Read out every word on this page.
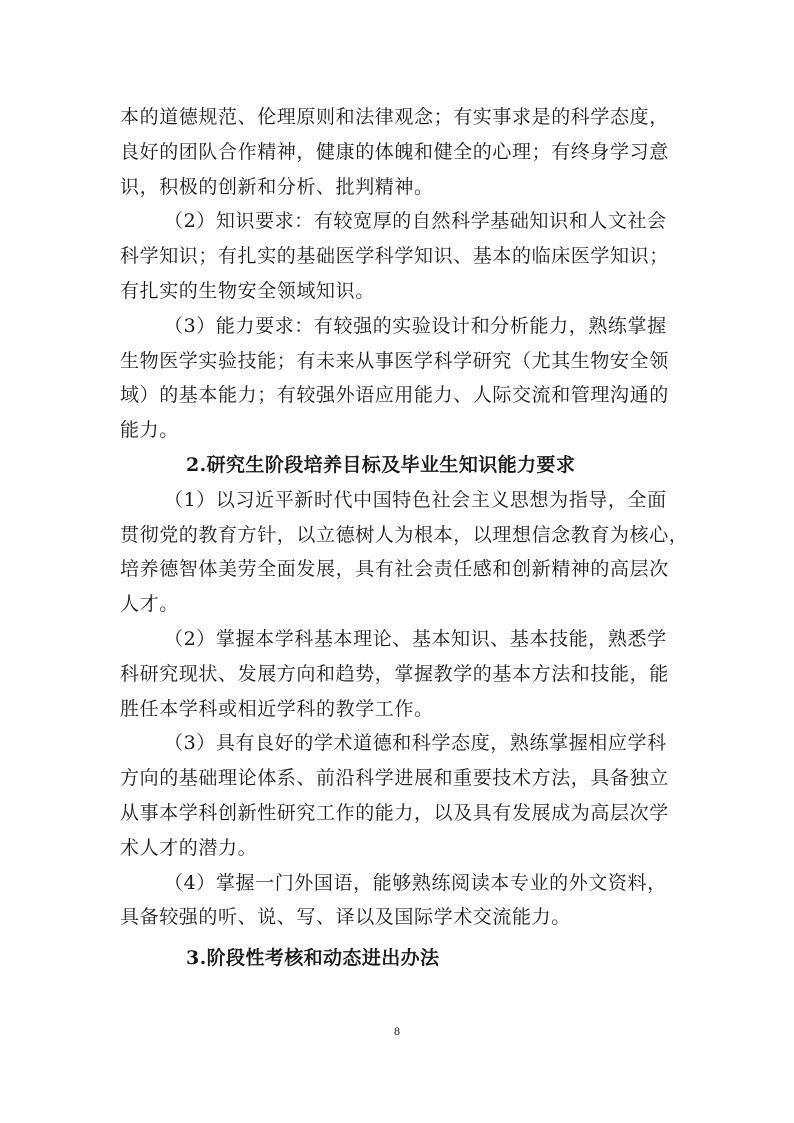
本的道德规范、伦理原则和法律观念；有实事求是的科学态度，
良好的团队合作精神，健康的体魄和健全的心理；有终身学习意
识，积极的创新和分析、批判精神。
（2）知识要求：有较宽厚的自然科学基础知识和人文社会
科学知识；有扎实的基础医学科学知识、基本的临床医学知识；
有扎实的生物安全领域知识。
（3）能力要求：有较强的实验设计和分析能力，熟练掌握
生物医学实验技能；有未来从事医学科学研究（尤其生物安全领
域）的基本能力；有较强外语应用能力、人际交流和管理沟通的
能力。
2.研究生阶段培养目标及毕业生知识能力要求
（1）以习近平新时代中国特色社会主义思想为指导，全面
贯彻党的教育方针，以立德树人为根本，以理想信念教育为核心，
培养德智体美劳全面发展，具有社会责任感和创新精神的高层次
人才。
（2）掌握本学科基本理论、基本知识、基本技能，熟悉学
科研究现状、发展方向和趋势，掌握教学的基本方法和技能，能
胜任本学科或相近学科的教学工作。
（3）具有良好的学术道德和科学态度，熟练掌握相应学科
方向的基础理论体系、前沿科学进展和重要技术方法，具备独立
从事本学科创新性研究工作的能力，以及具有发展成为高层次学
术人才的潜力。
（4）掌握一门外国语，能够熟练阅读本专业的外文资料，
具备较强的听、说、写、译以及国际学术交流能力。
8
3.阶段性考核和动态进出办法
